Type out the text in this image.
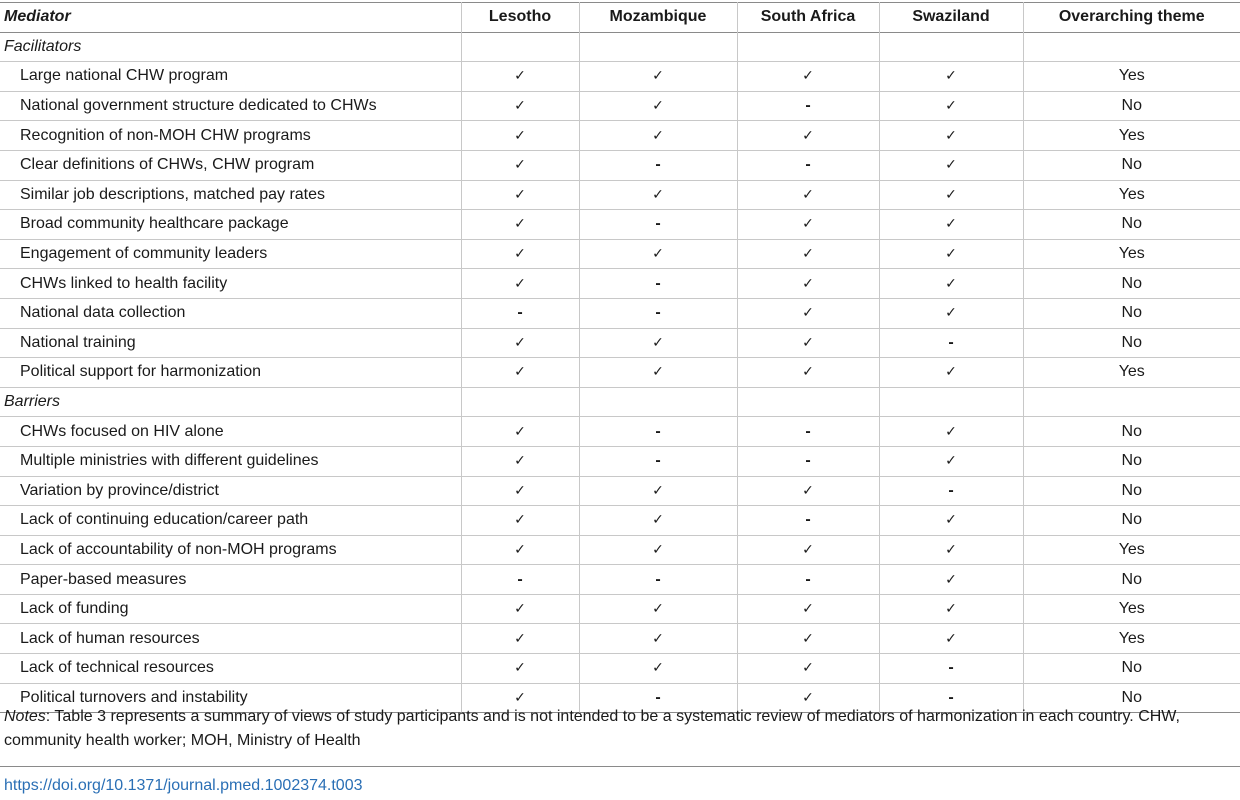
Mediator	Lesotho	Mozambique	South Africa	Swaziland	Overarching theme
Facilitators					
Large national CHW program	✓	✓	✓	✓	Yes
National government structure dedicated to CHWs	✓	✓	-	✓	No
Recognition of non-MOH CHW programs	✓	✓	✓	✓	Yes
Clear definitions of CHWs, CHW program	✓	-	-	✓	No
Similar job descriptions, matched pay rates	✓	✓	✓	✓	Yes
Broad community healthcare package	✓	-	✓	✓	No
Engagement of community leaders	✓	✓	✓	✓	Yes
CHWs linked to health facility	✓	-	✓	✓	No
National data collection	-	-	✓	✓	No
National training	✓	✓	✓	-	No
Political support for harmonization	✓	✓	✓	✓	Yes
Barriers					
CHWs focused on HIV alone	✓	-	-	✓	No
Multiple ministries with different guidelines	✓	-	-	✓	No
Variation by province/district	✓	✓	✓	-	No
Lack of continuing education/career path	✓	✓	-	✓	No
Lack of accountability of non-MOH programs	✓	✓	✓	✓	Yes
Paper-based measures	-	-	-	✓	No
Lack of funding	✓	✓	✓	✓	Yes
Lack of human resources	✓	✓	✓	✓	Yes
Lack of technical resources	✓	✓	✓	-	No
Political turnovers and instability	✓	-	✓	-	No

Notes: Table 3 represents a summary of views of study participants and is not intended to be a systematic review of mediators of harmonization in each country. CHW, community health worker; MOH, Ministry of Health

https://doi.org/10.1371/journal.pmed.1002374.t003
